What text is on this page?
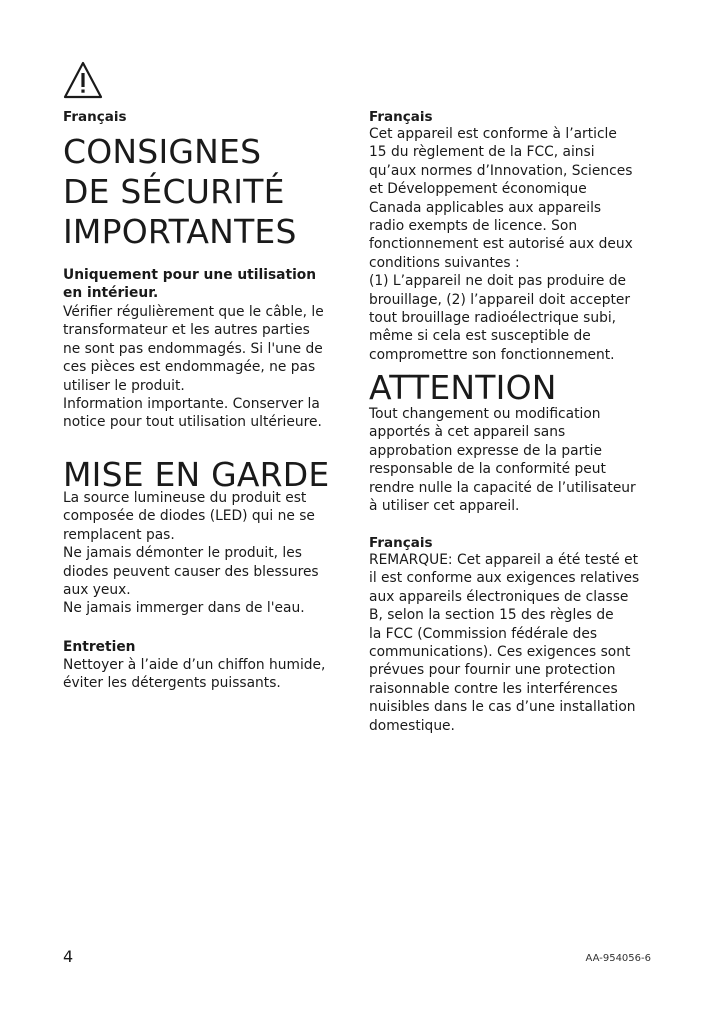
Français
CONSIGNES
DE SÉCURITÉ
IMPORTANTES
Uniquement pour une utilisation
en intérieur.
Vérifier régulièrement que le câble, le
transformateur et les autres parties
ne sont pas endommagés. Si l'une de
ces pièces est endommagée, ne pas
utiliser le produit.
Information importante. Conserver la
notice pour tout utilisation ultérieure.
MISE EN GARDE
La source lumineuse du produit est
composée de diodes (LED) qui ne se
remplacent pas.
Ne jamais démonter le produit, les
diodes peuvent causer des blessures
aux yeux.
Ne jamais immerger dans de l'eau.
Entretien
Nettoyer à l’aide d’un chiffon humide,
éviter les détergents puissants.
Français
Cet appareil est conforme à l’article
15 du règlement de la FCC, ainsi
qu’aux normes d’Innovation, Sciences
et Développement économique
Canada applicables aux appareils
radio exempts de licence. Son
fonctionnement est autorisé aux deux
conditions suivantes :
(1) L’appareil ne doit pas produire de
brouillage, (2) l’appareil doit accepter
tout brouillage radioélectrique subi,
même si cela est susceptible de
compromettre son fonctionnement.
ATTENTION
Tout changement ou modification
apportés à cet appareil sans
approbation expresse de la partie
responsable de la conformité peut
rendre nulle la capacité de l’utilisateur
à utiliser cet appareil.
Français
REMARQUE: Cet appareil a été testé et
il est conforme aux exigences relatives
aux appareils électroniques de classe
B, selon la section 15 des règles de
la FCC (Commission fédérale des
communications). Ces exigences sont
prévues pour fournir une protection
raisonnable contre les interférences
nuisibles dans le cas d’une installation
domestique.
4	AA-954056-6
